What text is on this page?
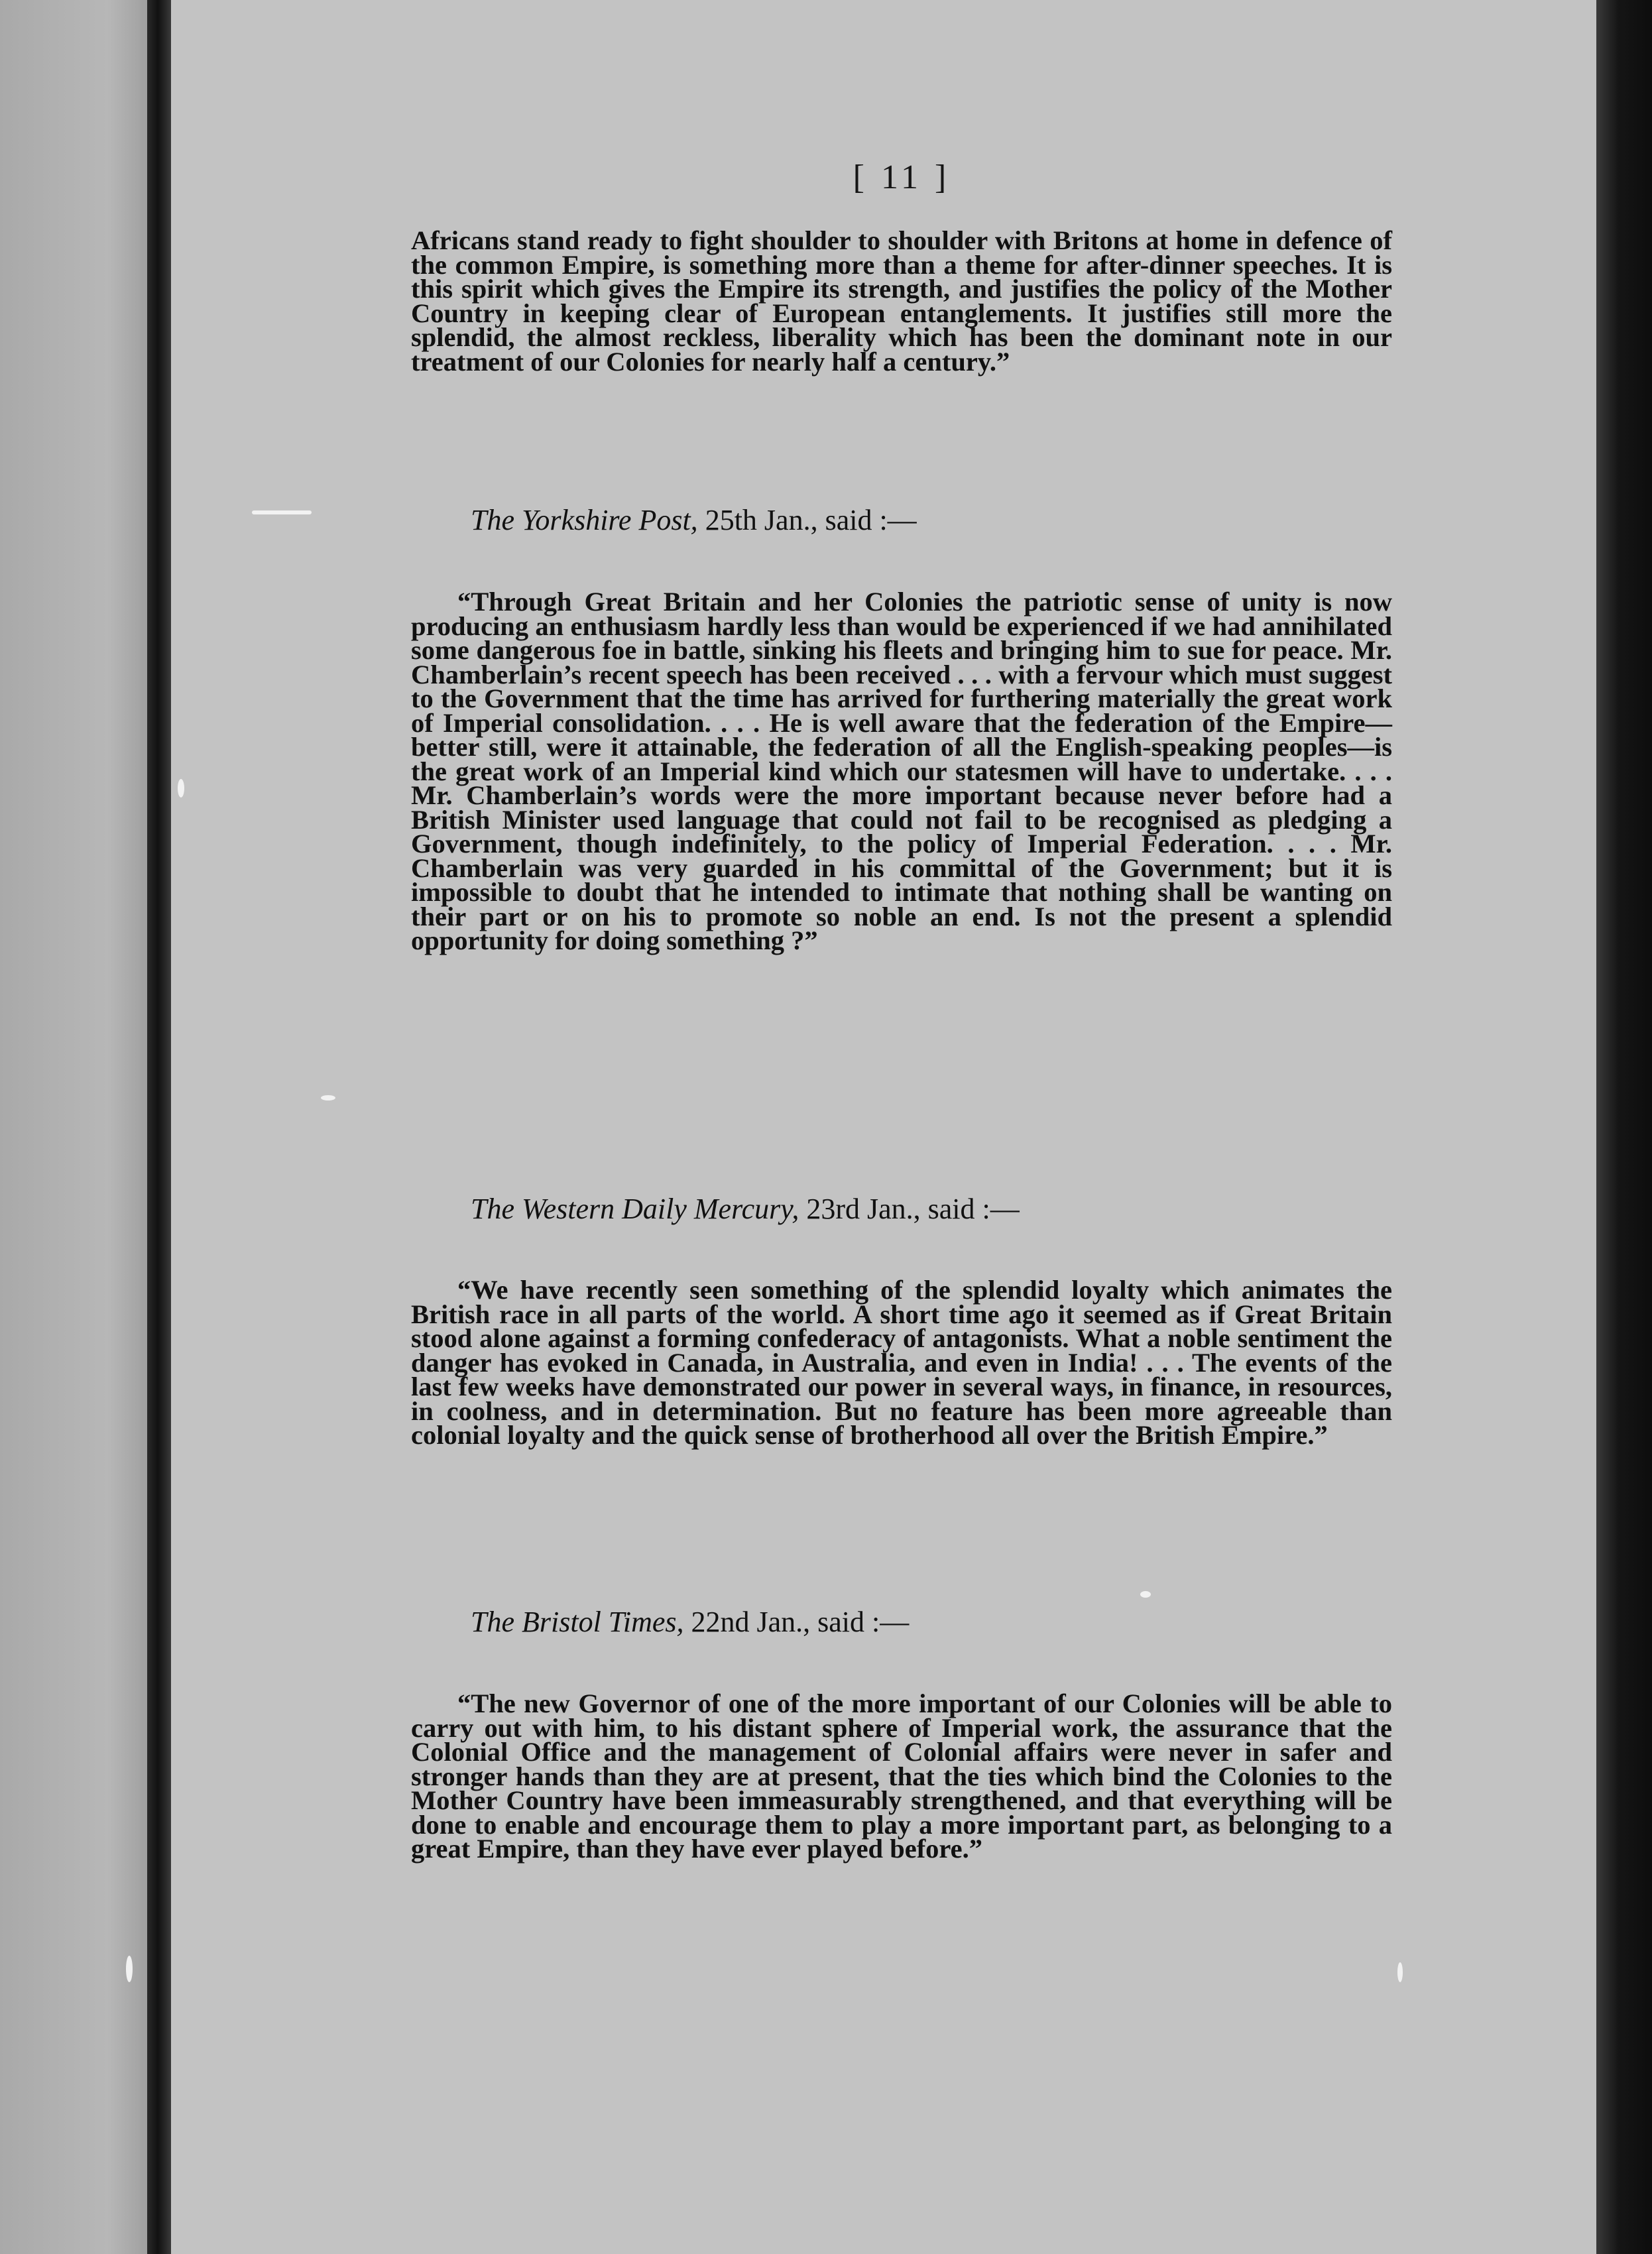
[ 11 ]

Africans stand ready to fight shoulder to shoulder with Britons at home in defence of the common Empire, is something more than a theme for after-dinner speeches. It is this spirit which gives the Empire its strength, and justifies the policy of the Mother Country in keeping clear of European entanglements. It justifies still more the splendid, the almost reckless, liberality which has been the dominant note in our treatment of our Colonies for nearly half a century.”

The Yorkshire Post, 25th Jan., said :—

“Through Great Britain and her Colonies the patriotic sense of unity is now producing an enthusiasm hardly less than would be experienced if we had annihilated some dangerous foe in battle, sinking his fleets and bringing him to sue for peace. Mr. Chamberlain’s recent speech has been received . . . with a fervour which must suggest to the Government that the time has arrived for furthering materially the great work of Imperial consolidation. . . . He is well aware that the federation of the Empire—better still, were it attainable, the federation of all the English-speaking peoples—is the great work of an Imperial kind which our statesmen will have to undertake. . . . Mr. Chamberlain’s words were the more important because never before had a British Minister used language that could not fail to be recognised as pledging a Government, though indefinitely, to the policy of Imperial Federation. . . . Mr. Chamberlain was very guarded in his committal of the Government; but it is impossible to doubt that he intended to intimate that nothing shall be wanting on their part or on his to promote so noble an end. Is not the present a splendid opportunity for doing something ?”

The Western Daily Mercury, 23rd Jan., said :—

“We have recently seen something of the splendid loyalty which animates the British race in all parts of the world. A short time ago it seemed as if Great Britain stood alone against a forming confederacy of antagonists. What a noble sentiment the danger has evoked in Canada, in Australia, and even in India! . . . The events of the last few weeks have demonstrated our power in several ways, in finance, in resources, in coolness, and in determination. But no feature has been more agreeable than colonial loyalty and the quick sense of brotherhood all over the British Empire.”

The Bristol Times, 22nd Jan., said :—

“The new Governor of one of the more important of our Colonies will be able to carry out with him, to his distant sphere of Imperial work, the assurance that the Colonial Office and the management of Colonial affairs were never in safer and stronger hands than they are at present, that the ties which bind the Colonies to the Mother Country have been immeasurably strengthened, and that everything will be done to enable and encourage them to play a more important part, as belonging to a great Empire, than they have ever played before.”
